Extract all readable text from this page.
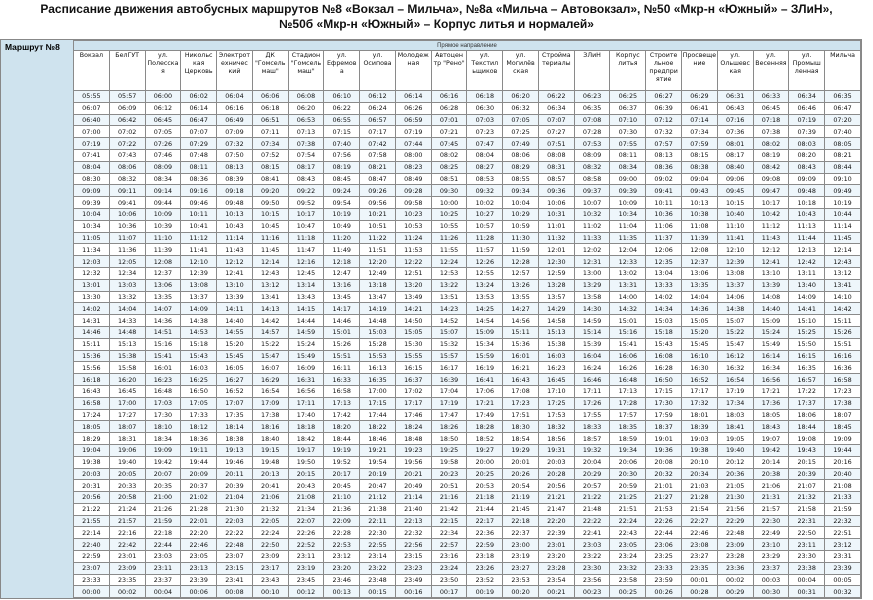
Расписание движения автобусных маршрутов №8 «Вокзал – Мильча», №8а «Мильча – Автовокзал», №50 «Мкр-н «Южный» – ЗЛиН»,
№50б «Мкр-н «Южный» – Корпус литья и нормалей»
Маршрут №8	Прямое направление																					
Вокзал	БелГУТ	ул. Полесска я	Никольс кая Церковь	Электрот ехничес кий	ДК "Гомсель маш"	Стадион "Гомсель маш"	ул. Ефремов а	ул. Осипова	Молодеж ная	Автоцен тр "Рено"	ул. Текстил ьщиков	ул. Могилёв ская	Стройма териалы	ЗЛиН	Корпус литья	Строите льное предпри ятие	Просвеще ние	ул. Ольшевс кая	ул. Весенняя	ул. Промыш ленная	Мильча
05:55	05:57	06:00	06:02	06:04	06:06	06:08	06:10	06:12	06:14	06:16	06:18	06:20	06:22	06:23	06:25	06:27	06:29	06:31	06:33	06:34	06:35
06:07	06:09	06:12	06:14	06:16	06:18	06:20	06:22	06:24	06:26	06:28	06:30	06:32	06:34	06:35	06:37	06:39	06:41	06:43	06:45	06:46	06:47
06:40	06:42	06:45	06:47	06:49	06:51	06:53	06:55	06:57	06:59	07:01	07:03	07:05	07:07	07:08	07:10	07:12	07:14	07:16	07:18	07:19	07:20
07:00	07:02	07:05	07:07	07:09	07:11	07:13	07:15	07:17	07:19	07:21	07:23	07:25	07:27	07:28	07:30	07:32	07:34	07:36	07:38	07:39	07:40
07:19	07:22	07:26	07:29	07:32	07:34	07:38	07:40	07:42	07:44	07:45	07:47	07:49	07:51	07:53	07:55	07:57	07:59	08:01	08:02	08:03	08:05
07:41	07:43	07:46	07:48	07:50	07:52	07:54	07:56	07:58	08:00	08:02	08:04	08:06	08:08	08:09	08:11	08:13	08:15	08:17	08:19	08:20	08:21
08:04	08:06	08:09	08:11	08:13	08:15	08:17	08:19	08:21	08:23	08:25	08:27	08:29	08:31	08:32	08:34	08:36	08:38	08:40	08:42	08:43	08:44
08:30	08:32	08:34	08:36	08:39	08:41	08:43	08:45	08:47	08:49	08:51	08:53	08:55	08:57	08:58	09:00	09:02	09:04	09:06	09:08	09:09	09:10
09:09	09:11	09:14	09:16	09:18	09:20	09:22	09:24	09:26	09:28	09:30	09:32	09:34	09:36	09:37	09:39	09:41	09:43	09:45	09:47	09:48	09:49
09:39	09:41	09:44	09:46	09:48	09:50	09:52	09:54	09:56	09:58	10:00	10:02	10:04	10:06	10:07	10:09	10:11	10:13	10:15	10:17	10:18	10:19
10:04	10:06	10:09	10:11	10:13	10:15	10:17	10:19	10:21	10:23	10:25	10:27	10:29	10:31	10:32	10:34	10:36	10:38	10:40	10:42	10:43	10:44
10:34	10:36	10:39	10:41	10:43	10:45	10:47	10:49	10:51	10:53	10:55	10:57	10:59	11:01	11:02	11:04	11:06	11:08	11:10	11:12	11:13	11:14
11:05	11:07	11:10	11:12	11:14	11:16	11:18	11:20	11:22	11:24	11:26	11:28	11:30	11:32	11:33	11:35	11:37	11:39	11:41	11:43	11:44	11:45
11:34	11:36	11:39	11:41	11:43	11:45	11:47	11:49	11:51	11:53	11:55	11:57	11:59	12:01	12:02	12:04	12:06	12:08	12:10	12:12	12:13	12:14
12:03	12:05	12:08	12:10	12:12	12:14	12:16	12:18	12:20	12:22	12:24	12:26	12:28	12:30	12:31	12:33	12:35	12:37	12:39	12:41	12:42	12:43
12:32	12:34	12:37	12:39	12:41	12:43	12:45	12:47	12:49	12:51	12:53	12:55	12:57	12:59	13:00	13:02	13:04	13:06	13:08	13:10	13:11	13:12
13:01	13:03	13:06	13:08	13:10	13:12	13:14	13:16	13:18	13:20	13:22	13:24	13:26	13:28	13:29	13:31	13:33	13:35	13:37	13:39	13:40	13:41
13:30	13:32	13:35	13:37	13:39	13:41	13:43	13:45	13:47	13:49	13:51	13:53	13:55	13:57	13:58	14:00	14:02	14:04	14:06	14:08	14:09	14:10
14:02	14:04	14:07	14:09	14:11	14:13	14:15	14:17	14:19	14:21	14:23	14:25	14:27	14:29	14:30	14:32	14:34	14:36	14:38	14:40	14:41	14:42
14:31	14:33	14:36	14:38	14:40	14:42	14:44	14:46	14:48	14:50	14:52	14:54	14:56	14:58	14:59	15:01	15:03	15:05	15:07	15:09	15:10	15:11
14:46	14:48	14:51	14:53	14:55	14:57	14:59	15:01	15:03	15:05	15:07	15:09	15:11	15:13	15:14	15:16	15:18	15:20	15:22	15:24	15:25	15:26
15:11	15:13	15:16	15:18	15:20	15:22	15:24	15:26	15:28	15:30	15:32	15:34	15:36	15:38	15:39	15:41	15:43	15:45	15:47	15:49	15:50	15:51
15:36	15:38	15:41	15:43	15:45	15:47	15:49	15:51	15:53	15:55	15:57	15:59	16:01	16:03	16:04	16:06	16:08	16:10	16:12	16:14	16:15	16:16
15:56	15:58	16:01	16:03	16:05	16:07	16:09	16:11	16:13	16:15	16:17	16:19	16:21	16:23	16:24	16:26	16:28	16:30	16:32	16:34	16:35	16:36
16:18	16:20	16:23	16:25	16:27	16:29	16:31	16:33	16:35	16:37	16:39	16:41	16:43	16:45	16:46	16:48	16:50	16:52	16:54	16:56	16:57	16:58
16:43	16:45	16:48	16:50	16:52	16:54	16:56	16:58	17:00	17:02	17:04	17:06	17:08	17:10	17:11	17:13	17:15	17:17	17:19	17:21	17:22	17:23
16:58	17:00	17:03	17:05	17:07	17:09	17:11	17:13	17:15	17:17	17:19	17:21	17:23	17:25	17:26	17:28	17:30	17:32	17:34	17:36	17:37	17:38
17:24	17:27	17:30	17:33	17:35	17:38	17:40	17:42	17:44	17:46	17:47	17:49	17:51	17:53	17:55	17:57	17:59	18:01	18:03	18:05	18:06	18:07
18:05	18:07	18:10	18:12	18:14	18:16	18:18	18:20	18:22	18:24	18:26	18:28	18:30	18:32	18:33	18:35	18:37	18:39	18:41	18:43	18:44	18:45
18:29	18:31	18:34	18:36	18:38	18:40	18:42	18:44	18:46	18:48	18:50	18:52	18:54	18:56	18:57	18:59	19:01	19:03	19:05	19:07	19:08	19:09
19:04	19:06	19:09	19:11	19:13	19:15	19:17	19:19	19:21	19:23	19:25	19:27	19:29	19:31	19:32	19:34	19:36	19:38	19:40	19:42	19:43	19:44
19:38	19:40	19:42	19:44	19:46	19:48	19:50	19:52	19:54	19:56	19:58	20:00	20:01	20:03	20:04	20:06	20:08	20:10	20:12	20:14	20:15	20:16
20:03	20:05	20:07	20:09	20:11	20:13	20:15	20:17	20:19	20:21	20:23	20:25	20:26	20:28	20:29	20:30	20:32	20:34	20:36	20:38	20:39	20:40
20:31	20:33	20:35	20:37	20:39	20:41	20:43	20:45	20:47	20:49	20:51	20:53	20:54	20:56	20:57	20:59	21:01	21:03	21:05	21:06	21:07	21:08
20:56	20:58	21:00	21:02	21:04	21:06	21:08	21:10	21:12	21:14	21:16	21:18	21:19	21:21	21:22	21:25	21:27	21:28	21:30	21:31	21:32	21:33
21:22	21:24	21:26	21:28	21:30	21:32	21:34	21:36	21:38	21:40	21:42	21:44	21:45	21:47	21:48	21:51	21:53	21:54	21:56	21:57	21:58	21:59
21:55	21:57	21:59	22:01	22:03	22:05	22:07	22:09	22:11	22:13	22:15	22:17	22:18	22:20	22:22	22:24	22:26	22:27	22:29	22:30	22:31	22:32
22:14	22:16	22:18	22:20	22:22	22:24	22:26	22:28	22:30	22:32	22:34	22:36	22:37	22:39	22:41	22:43	22:44	22:46	22:48	22:49	22:50	22:51
22:40	22:42	22:44	22:46	22:48	22:50	22:52	22:53	22:55	22:56	22:57	22:59	23:00	23:01	23:03	23:05	23:06	23:08	23:09	23:10	23:11	23:12
22:59	23:01	23:03	23:05	23:07	23:09	23:11	23:12	23:14	23:15	23:16	23:18	23:19	23:20	23:22	23:24	23:25	23:27	23:28	23:29	23:30	23:31
23:07	23:09	23:11	23:13	23:15	23:17	23:19	23:20	23:22	23:23	23:24	23:26	23:27	23:28	23:30	23:32	23:33	23:35	23:36	23:37	23:38	23:39
23:33	23:35	23:37	23:39	23:41	23:43	23:45	23:46	23:48	23:49	23:50	23:52	23:53	23:54	23:56	23:58	23:59	00:01	00:02	00:03	00:04	00:05
00:00	00:02	00:04	00:06	00:08	00:10	00:12	00:13	00:15	00:16	00:17	00:19	00:20	00:21	00:23	00:25	00:26	00:28	00:29	00:30	00:31	00:32
